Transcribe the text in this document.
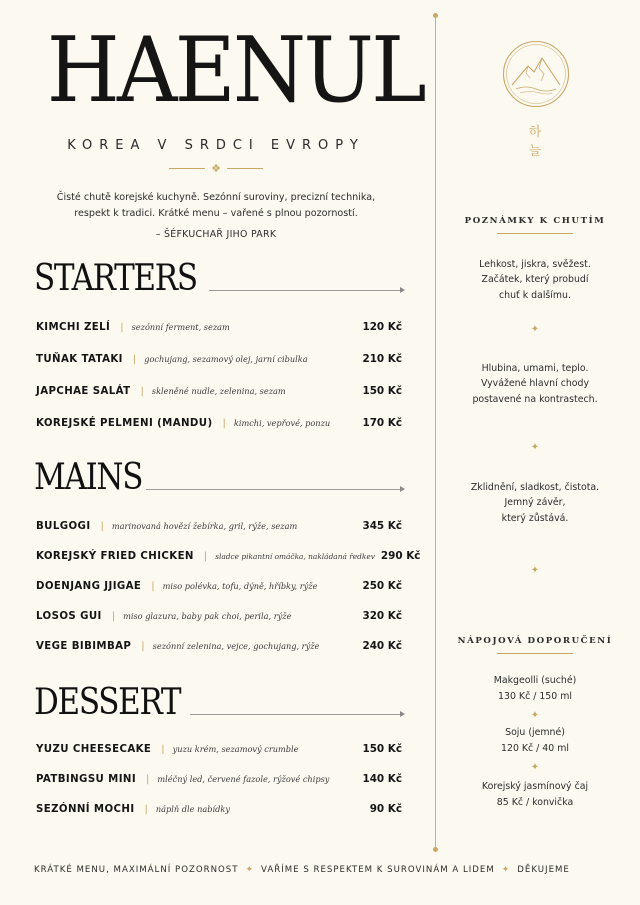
HAENUL
KOREA V SRDCI EVROPY
❖
Čisté chutě korejské kuchyně. Sezónní suroviny, precizní technika,
respekt k tradici. Krátké menu – vařené s plnou pozorností.
– ŠÉFKUCHAŘ JIHO PARK
STARTERS
KIMCHI ZELÍ | sezónní ferment, sezam	120 Kč
TUŇAK TATAKI | gochujang, sezamový olej, jarní cibulka	210 Kč
JAPCHAE SALÁT | skleněné nudle, zelenina, sezam	150 Kč
KOREJSKÉ PELMENI (MANDU) | kimchi, vepřové, ponzu	170 Kč
MAINS
BULGOGI | marinovaná hovězí žebírka, gril, rýže, sezam	345 Kč
KOREJSKÝ FRIED CHICKEN | sladce pikantní omáčka, nakládaná ředkev 290 Kč
DOENJANG JJIGAE | miso polévka, tofu, dýně, hříbky, rýže	250 Kč
LOSOS GUI | miso glazura, baby pak choi, perila, rýže	320 Kč
VEGE BIBIMBAP | sezónní zelenina, vejce, gochujang, rýže	240 Kč
DESSERT
YUZU CHEESECAKE | yuzu krém, sezamový crumble	150 Kč
PATBINGSU MINI | mléčný led, červené fazole, rýžové chipsy	140 Kč
SEZÓNNÍ MOCHI | náplň dle nabídky	90 Kč
하
늘
POZNÁMKY K CHUTÍM
Lehkost, jiskra, svěžest.
Začátek, který probudí
chuť k dalšímu.
✦
Hlubina, umami, teplo.
Vyvážené hlavní chody
postavené na kontrastech.
✦
Zklidnění, sladkost, čistota.
Jemný závěr,
který zůstává.
✦
NÁPOJOVÁ DOPORUČENÍ
Makgeolli (suché)
130 Kč / 150 ml
✦
Soju (jemné)
120 Kč / 40 ml
✦
Korejský jasmínový čaj
85 Kč / konvička
KRÁTKÉ MENU, MAXIMÁLNÍ POZORNOST ✦ VAŘÍME S RESPEKTEM K SUROVINÁM A LIDEM ✦ DĚKUJEME
